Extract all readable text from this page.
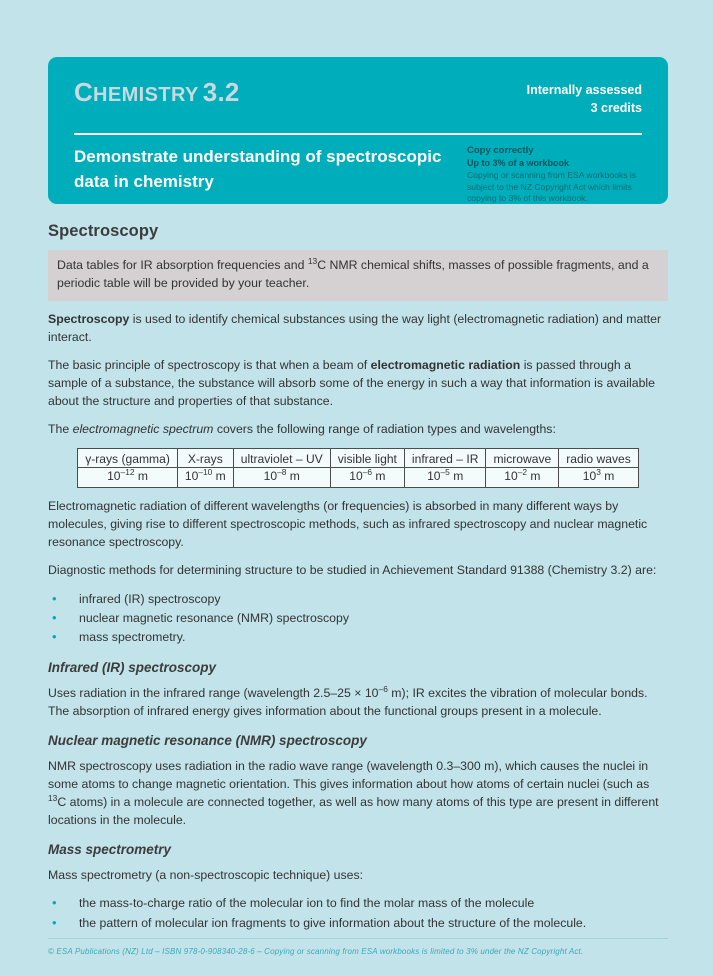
CHEMISTRY 3.2	Internally assessed
3 credits
Demonstrate understanding of spectroscopic data in chemistry
Copy correctly
Up to 3% of a workbook
Copying or scanning from ESA workbooks is subject to the NZ Copyright Act which limits copying to 3% of this workbook.
Spectroscopy
Data tables for IR absorption frequencies and $^{13}$C NMR chemical shifts, masses of possible fragments, and a periodic table will be provided by your teacher.

Spectroscopy is used to identify chemical substances using the way light (electromagnetic radiation) and matter interact.

The basic principle of spectroscopy is that when a beam of electromagnetic radiation is passed through a sample of a substance, the substance will absorb some of the energy in such a way that information is available about the structure and properties of that substance.

The electromagnetic spectrum covers the following range of radiation types and wavelengths:

γ-rays (gamma)	X-rays	ultraviolet – UV	visible light	infrared – IR	microwave	radio waves
$10^{-12}$ m	$10^{-10}$ m	$10^{-8}$ m	$10^{-6}$ m	$10^{-5}$ m	$10^{-2}$ m	$10^3$ m

Electromagnetic radiation of different wavelengths (or frequencies) is absorbed in many different ways by molecules, giving rise to different spectroscopic methods, such as infrared spectroscopy and nuclear magnetic resonance spectroscopy.

Diagnostic methods for determining structure to be studied in Achievement Standard 91388 (Chemistry 3.2) are:

• infrared (IR) spectroscopy
• nuclear magnetic resonance (NMR) spectroscopy
• mass spectrometry.
Infrared (IR) spectroscopy

Uses radiation in the infrared range (wavelength $2.5-25 \times 10^{-6}$ m); IR excites the vibration of molecular bonds. The absorption of infrared energy gives information about the functional groups present in a molecule.

Nuclear magnetic resonance (NMR) spectroscopy

NMR spectroscopy uses radiation in the radio wave range (wavelength 0.3–300 m), which causes the nuclei in some atoms to change magnetic orientation. This gives information about how atoms of certain nuclei (such as $^{13}$C atoms) in a molecule are connected together, as well as how many atoms of this type are present in different locations in the molecule.

Mass spectrometry

Mass spectrometry (a non-spectroscopic technique) uses:

• the mass-to-charge ratio of the molecular ion to find the molar mass of the molecule
• the pattern of molecular ion fragments to give information about the structure of the molecule.
© ESA Publications (NZ) Ltd – ISBN 978-0-908340-28-6 – Copying or scanning from ESA workbooks is limited to 3% under the NZ Copyright Act.
